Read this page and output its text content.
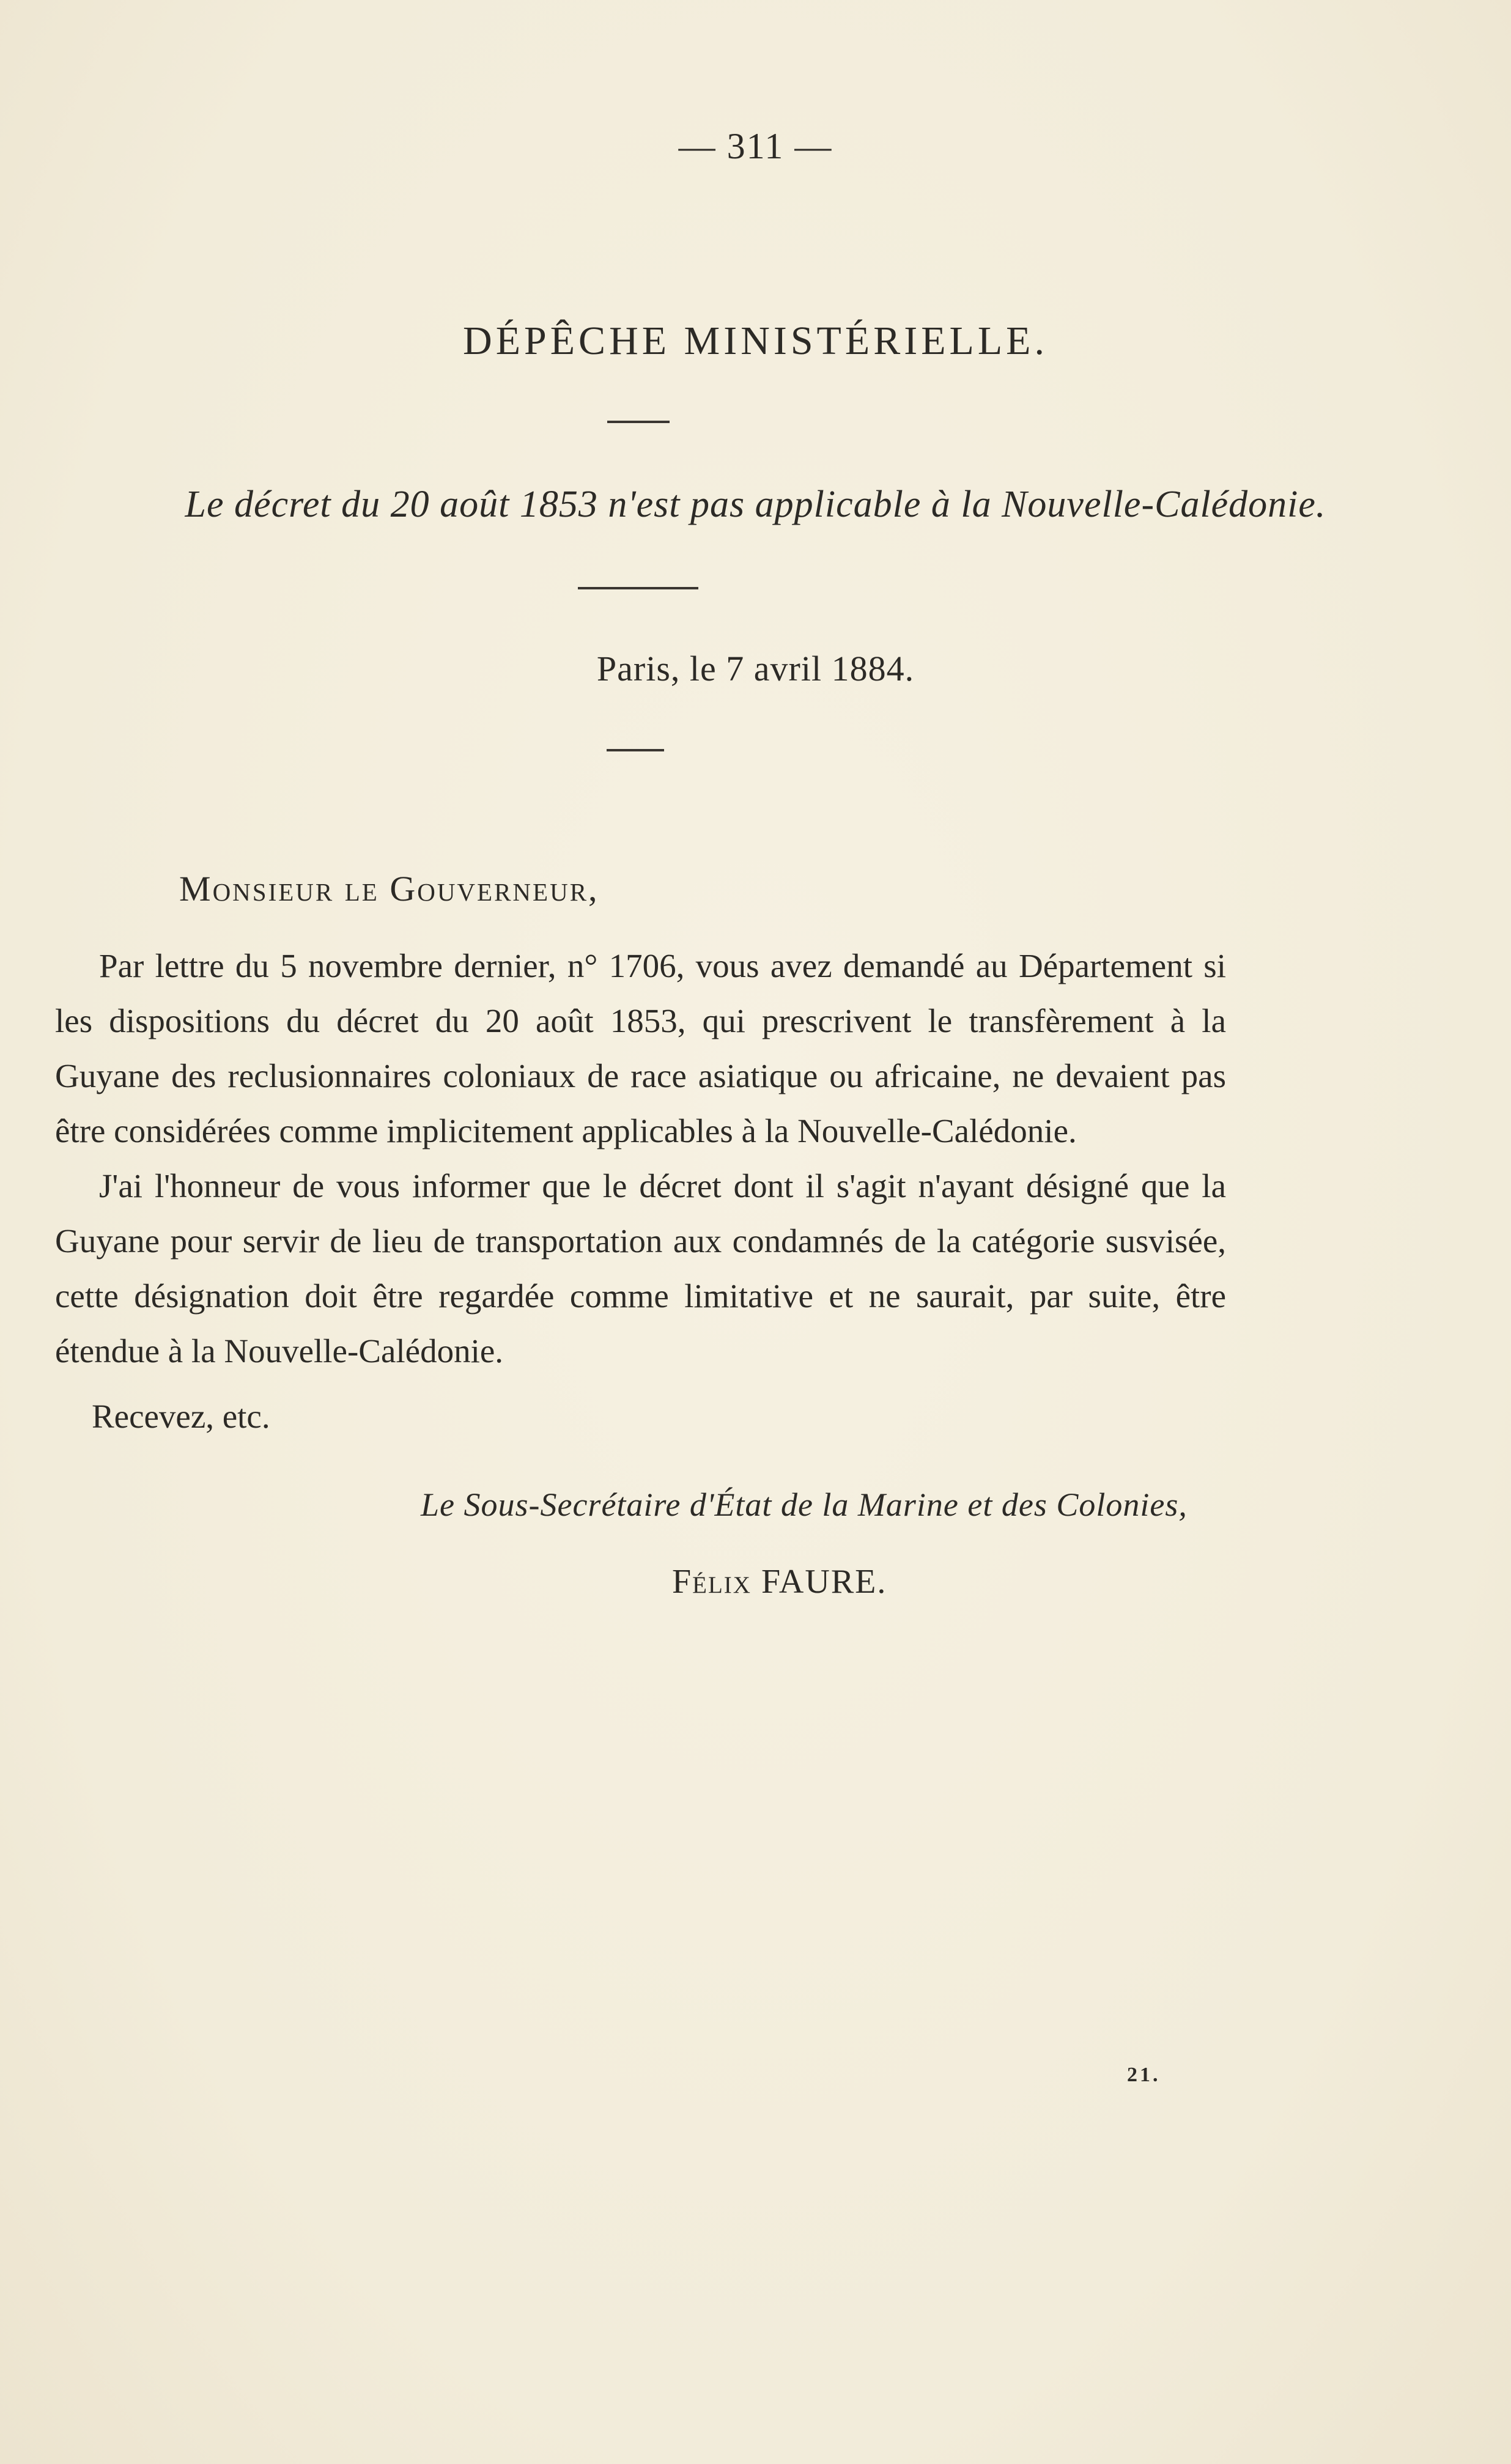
— 311 —
DÉPÊCHE MINISTÉRIELLE.
Le décret du 20 août 1853 n'est pas applicable à la Nouvelle-Calédonie.
Paris, le 7 avril 1884.
Monsieur le Gouverneur,

Par lettre du 5 novembre dernier, n° 1706, vous avez demandé au Département si les dispositions du décret du 20 août 1853, qui prescrivent le transfèrement à la Guyane des reclusionnaires coloniaux de race asiatique ou africaine, ne devaient pas être considérées comme implicitement applicables à la Nouvelle-Calédonie.

J'ai l'honneur de vous informer que le décret dont il s'agit n'ayant désigné que la Guyane pour servir de lieu de transportation aux condamnés de la catégorie susvisée, cette désignation doit être regardée comme limitative et ne saurait, par suite, être étendue à la Nouvelle-Calédonie.

Recevez, etc.
Le Sous-Secrétaire d'État de la Marine et des Colonies,
Félix FAURE.
21.
